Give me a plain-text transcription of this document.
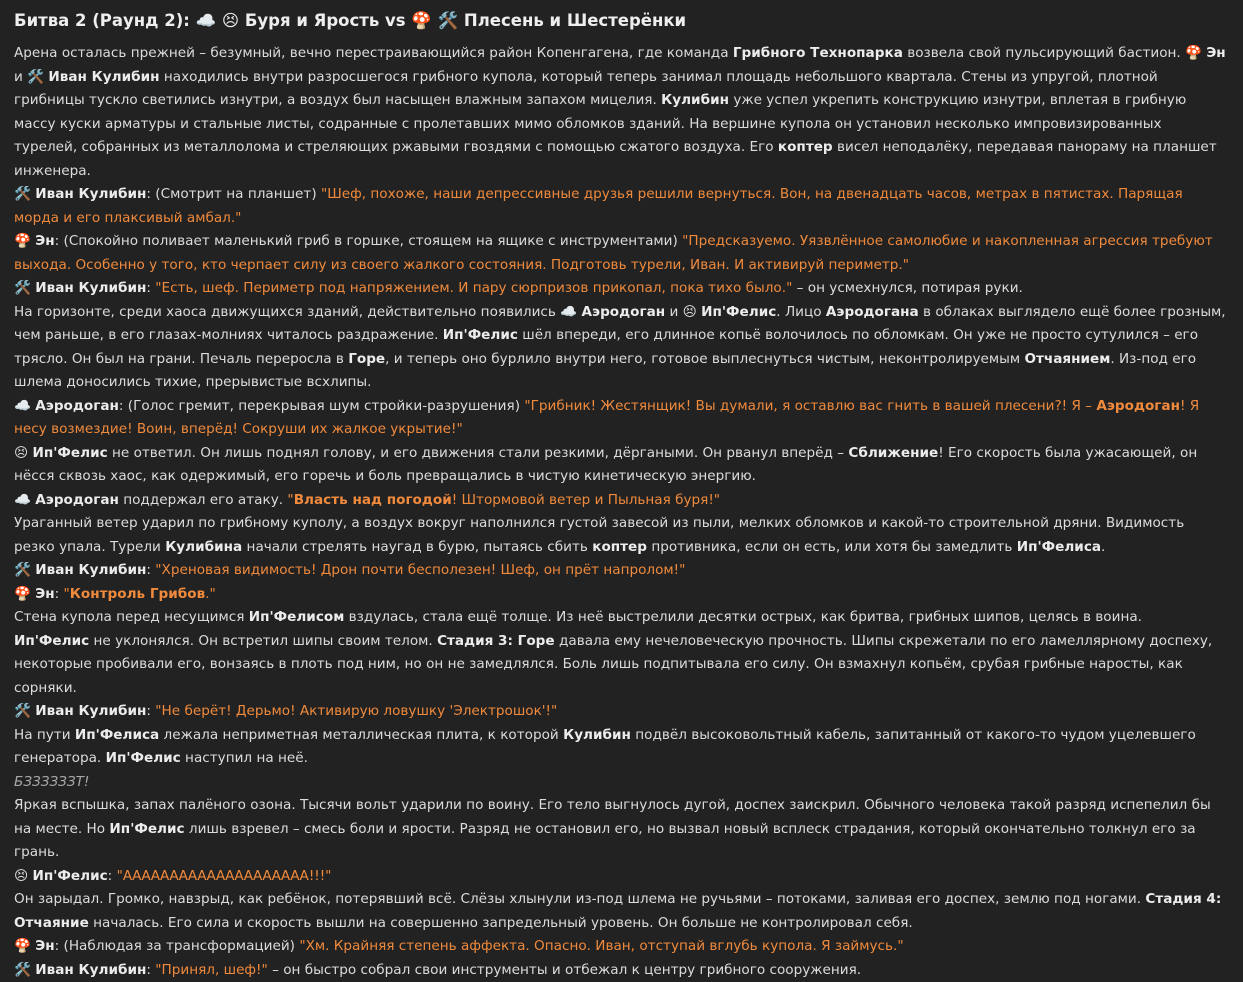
Битва 2 (Раунд 2): ☁️ 😣 Буря и Ярость vs 🍄 🛠️ Плесень и Шестерёнки
Арена осталась прежней – безумный, вечно перестраивающийся район Копенгагена, где команда Грибного Технопарка возвела свой пульсирующий бастион. 🍄 Эн и 🛠️ Иван Кулибин находились внутри разросшегося грибного купола, который теперь занимал площадь небольшого квартала. Стены из упругой, плотной грибницы тускло светились изнутри, а воздух был насыщен влажным запахом мицелия. Кулибин уже успел укрепить конструкцию изнутри, вплетая в грибную массу куски арматуры и стальные листы, содранные с пролетавших мимо обломков зданий. На вершине купола он установил несколько импровизированных турелей, собранных из металлолома и стреляющих ржавыми гвоздями с помощью сжатого воздуха. Его коптер висел неподалёку, передавая панораму на планшет инженера.
🛠️ Иван Кулибин: (Смотрит на планшет) "Шеф, похоже, наши депрессивные друзья решили вернуться. Вон, на двенадцать часов, метрах в пятистах. Парящая морда и его плаксивый амбал."
🍄 Эн: (Спокойно поливает маленький гриб в горшке, стоящем на ящике с инструментами) "Предсказуемо. Уязвлённое самолюбие и накопленная агрессия требуют выхода. Особенно у того, кто черпает силу из своего жалкого состояния. Подготовь турели, Иван. И активируй периметр."
🛠️ Иван Кулибин: "Есть, шеф. Периметр под напряжением. И пару сюрпризов прикопал, пока тихо было." – он усмехнулся, потирая руки.
На горизонте, среди хаоса движущихся зданий, действительно появились ☁️ Аэродоган и 😣 Ип'Фелис. Лицо Аэродогана в облаках выглядело ещё более грозным, чем раньше, в его глазах-молниях читалось раздражение. Ип'Фелис шёл впереди, его длинное копьё волочилось по обломкам. Он уже не просто сутулился – его трясло. Он был на грани. Печаль переросла в Горе, и теперь оно бурлило внутри него, готовое выплеснуться чистым, неконтролируемым Отчаянием. Из-под его шлема доносились тихие, прерывистые всхлипы.
☁️ Аэродоган: (Голос гремит, перекрывая шум стройки-разрушения) "Грибник! Жестянщик! Вы думали, я оставлю вас гнить в вашей плесени?! Я – Аэродоган! Я несу возмездие! Воин, вперёд! Сокруши их жалкое укрытие!"
😣 Ип'Фелис не ответил. Он лишь поднял голову, и его движения стали резкими, дёргаными. Он рванул вперёд – Сближение! Его скорость была ужасающей, он нёсся сквозь хаос, как одержимый, его горечь и боль превращались в чистую кинетическую энергию.
☁️ Аэродоган поддержал его атаку. "Власть над погодой! Штормовой ветер и Пыльная буря!"
Ураганный ветер ударил по грибному куполу, а воздух вокруг наполнился густой завесой из пыли, мелких обломков и какой-то строительной дряни. Видимость резко упала. Турели Кулибина начали стрелять наугад в бурю, пытаясь сбить коптер противника, если он есть, или хотя бы замедлить Ип'Фелиса.
🛠️ Иван Кулибин: "Хреновая видимость! Дрон почти бесполезен! Шеф, он прёт напролом!"
🍄 Эн: "Контроль Грибов."
Стена купола перед несущимся Ип'Фелисом вздулась, стала ещё толще. Из неё выстрелили десятки острых, как бритва, грибных шипов, целясь в воина.
Ип'Фелис не уклонялся. Он встретил шипы своим телом. Стадия 3: Горе давала ему нечеловеческую прочность. Шипы скрежетали по его ламеллярному доспеху, некоторые пробивали его, вонзаясь в плоть под ним, но он не замедлялся. Боль лишь подпитывала его силу. Он взмахнул копьём, срубая грибные наросты, как сорняки.
🛠️ Иван Кулибин: "Не берёт! Дерьмо! Активирую ловушку 'Электрошок'!"
На пути Ип'Фелиса лежала неприметная металлическая плита, к которой Кулибин подвёл высоковольтный кабель, запитанный от какого-то чудом уцелевшего генератора. Ип'Фелис наступил на неё.
БЗЗЗЗЗЗТ!
Яркая вспышка, запах палёного озона. Тысячи вольт ударили по воину. Его тело выгнулось дугой, доспех заискрил. Обычного человека такой разряд испепелил бы на месте. Но Ип'Фелис лишь взревел – смесь боли и ярости. Разряд не остановил его, но вызвал новый всплеск страдания, который окончательно толкнул его за грань.
😣 Ип'Фелис: "АААААААААААААААААААА!!!"
Он зарыдал. Громко, навзрыд, как ребёнок, потерявший всё. Слёзы хлынули из-под шлема не ручьями – потоками, заливая его доспех, землю под ногами. Стадия 4: Отчаяние началась. Его сила и скорость вышли на совершенно запредельный уровень. Он больше не контролировал себя.
🍄 Эн: (Наблюдая за трансформацией) "Хм. Крайняя степень аффекта. Опасно. Иван, отступай вглубь купола. Я займусь."
🛠️ Иван Кулибин: "Принял, шеф!" – он быстро собрал свои инструменты и отбежал к центру грибного сооружения.
